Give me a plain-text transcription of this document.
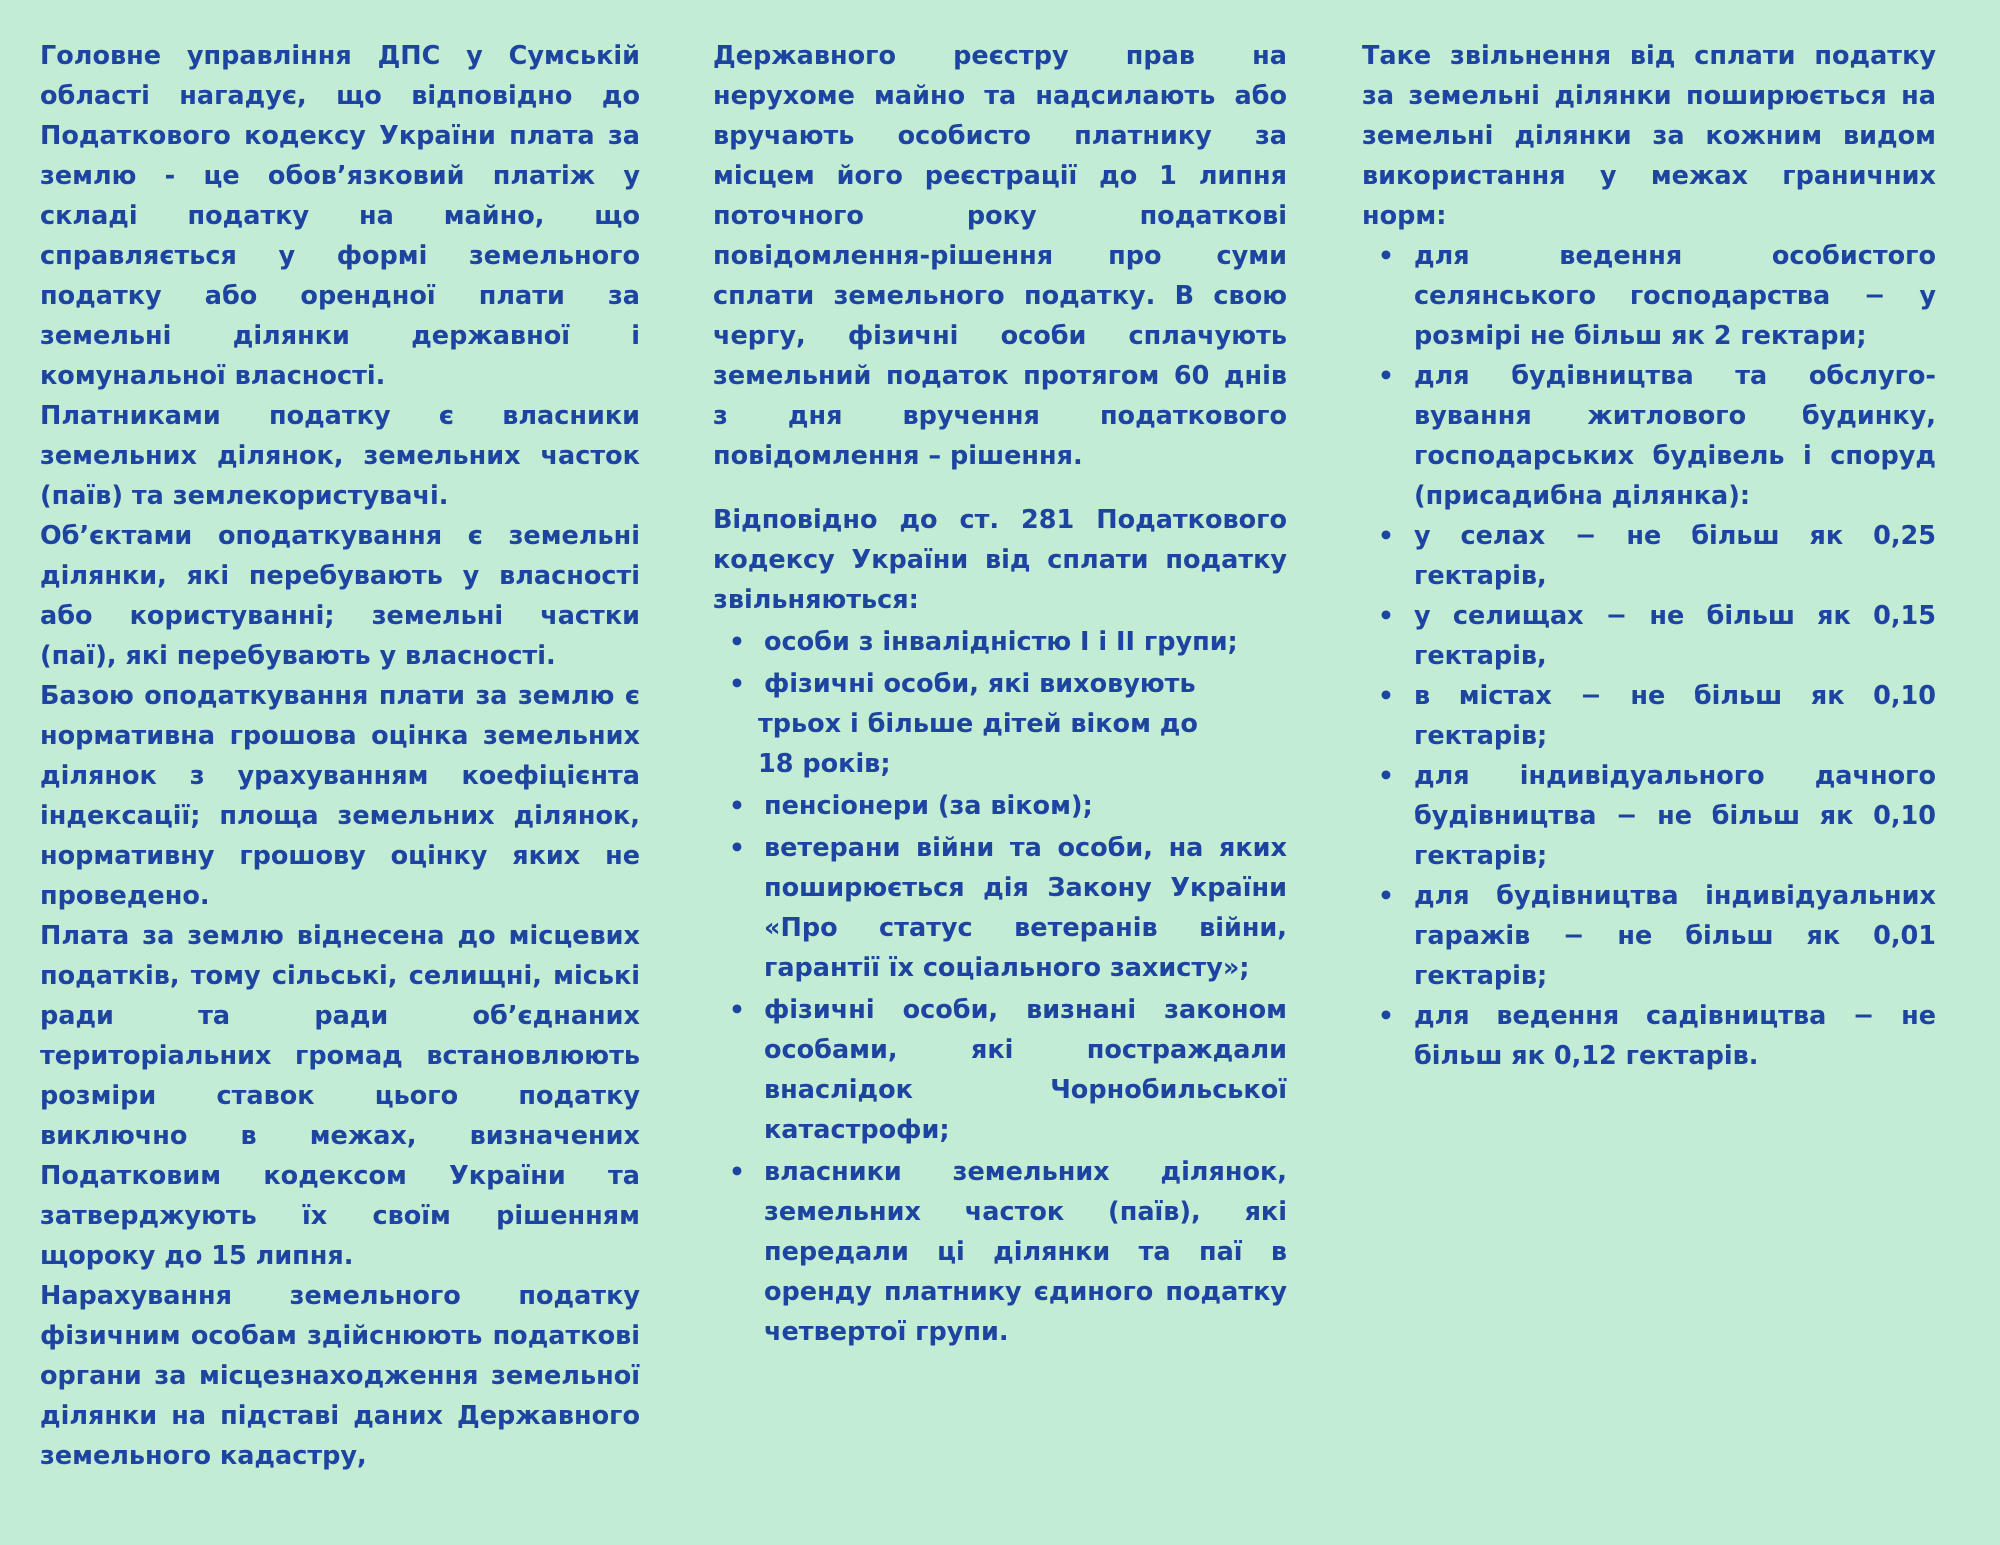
Головне управління ДПС у Сумській області нагадує, що відповідно до Податкового кодексу України плата за землю - це обов’язковий платіж у складі податку на майно, що справляється у формі земельного податку або орендної плати за земельні ділянки державної і комунальної власності.

Платниками податку є власники земельних ділянок, земельних часток (паїв) та землекористувачі.

Об’єктами оподаткування є земельні ділянки, які перебувають у власності або користуванні; земельні частки (паї), які перебувають у власності.

Базою оподаткування плати за землю є нормативна грошова оцінка земельних ділянок з урахуванням коефіцієнта індексації; площа земельних ділянок, нормативну грошову оцінку яких не проведено.

Плата за землю віднесена до місцевих податків, тому сільські, селищні, міські ради та ради об’єднаних територіальних громад встановлюють розміри ставок цього податку виключно в межах, визначених Податковим кодексом України та затверджують їх своїм рішенням щороку до 15 липня.

Нарахування земельного податку фізичним особам здійснюють податкові органи за місцезнаходження земельної ділянки на підставі даних Державного земельного кадастру,

Державного реєстру прав на нерухоме майно та надсилають або вручають особисто платнику за місцем його реєстрації до 1 липня поточного року податкові повідомлення-рішення про суми сплати земельного податку. В свою чергу, фізичні особи сплачують земельний податок протягом 60 днів з дня вручення податкового повідомлення – рішення.

Відповідно до ст. 281 Податкового кодексу України від сплати податку звільняються:

• особи з інвалідністю I і II групи;
• фізичні особи, які виховують
трьох і більше дітей віком до
18 років;
• пенсіонери (за віком);
• ветерани війни та особи, на яких поширюється дія Закону України «Про статус ветеранів війни, гарантії їх соціального захисту»;
• фізичні особи, визнані законом особами, які постраждали внаслідок Чорнобильської катастрофи;
• власники земельних ділянок, земельних часток (паїв), які передали ці ділянки та паї в оренду платнику єдиного податку четвертої групи.

Таке звільнення від сплати податку за земельні ділянки поширюється на земельні ділянки за кожним видом використання у межах граничних норм:

• для ведення особистого селянського господарства − у розмірі не більш як 2 гектари;
• для будівництва та обслуго-вування житлового будинку, господарських будівель і споруд (присадибна ділянка):
• у селах − не більш як 0,25 гектарів,
• у селищах − не більш як 0,15 гектарів,
• в містах − не більш як 0,10 гектарів;
• для індивідуального дачного будівництва − не більш як 0,10 гектарів;
• для будівництва індивідуальних гаражів − не більш як 0,01 гектарів;
• для ведення садівництва − не більш як 0,12 гектарів.
